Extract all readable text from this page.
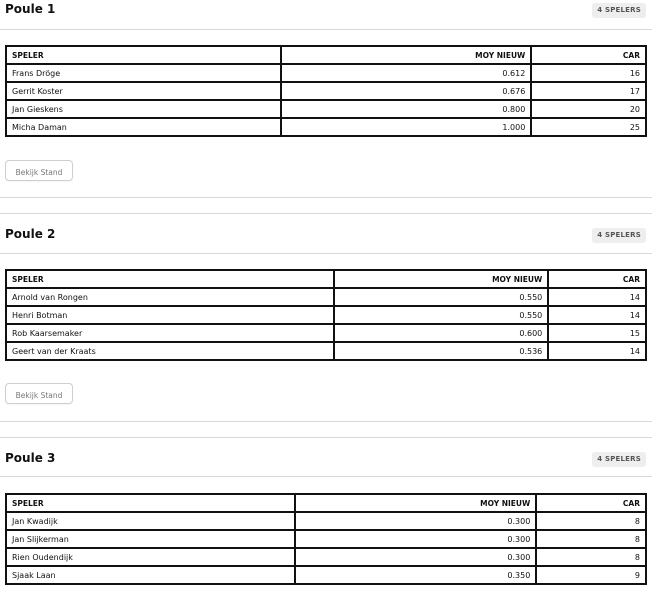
Poule 1	4 SPELERS
SPELER	MOY NIEUW	CAR
Frans Dröge	0.612	16
Gerrit Koster	0.676	17
Jan Gieskens	0.800	20
Micha Daman	1.000	25
Bekijk Stand
Poule 2	4 SPELERS
SPELER	MOY NIEUW	CAR
Arnold van Rongen	0.550	14
Henri Botman	0.550	14
Rob Kaarsemaker	0.600	15
Geert van der Kraats	0.536	14
Bekijk Stand
Poule 3	4 SPELERS
SPELER	MOY NIEUW	CAR
Jan Kwadijk	0.300	8
Jan Slijkerman	0.300	8
Rien Oudendijk	0.300	8
Sjaak Laan	0.350	9
